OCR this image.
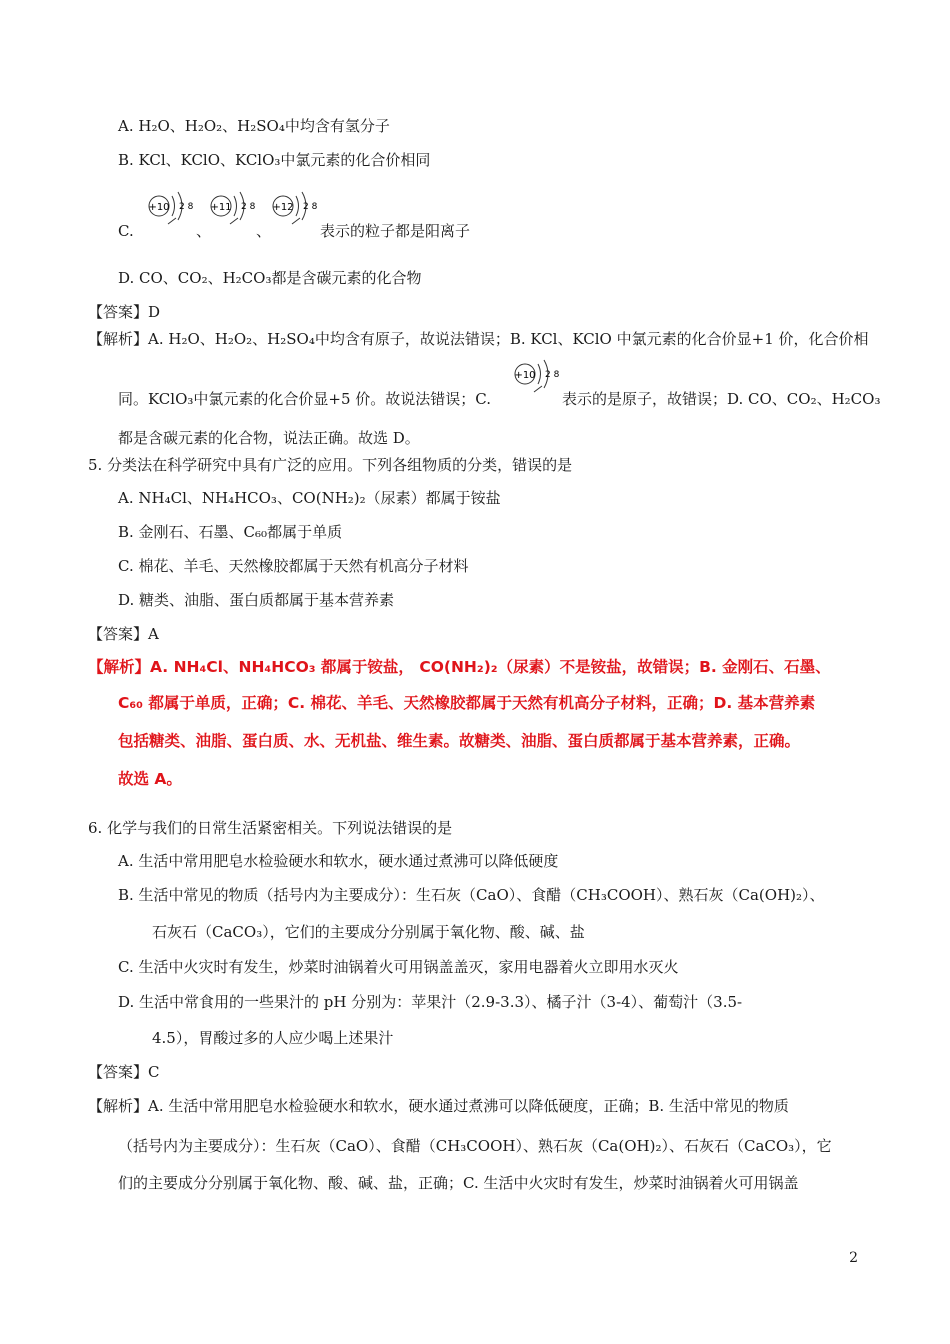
A. H₂O、H₂O₂、H₂SO₄中均含有氢分子
B. KCl、KClO、KClO₃中氯元素的化合价相同
C.
+10 2 8
、
+11 2 8
、
+12 2 8
表示的粒子都是阳离子
D. CO、CO₂、H₂CO₃都是含碳元素的化合物
【答案】D
【解析】A. H₂O、H₂O₂、H₂SO₄中均含有原子，故说法错误；B. KCl、KClO 中氯元素的化合价显+1 价，化合价相
同。KClO₃中氯元素的化合价显+5 价。故说法错误；C.
+10 2 8
表示的是原子，故错误；D. CO、CO₂、H₂CO₃
都是含碳元素的化合物，说法正确。故选 D。
5. 分类法在科学研究中具有广泛的应用。下列各组物质的分类，错误的是
A. NH₄Cl、NH₄HCO₃、CO(NH₂)₂（尿素）都属于铵盐
B. 金刚石、石墨、C₆₀都属于单质
C. 棉花、羊毛、天然橡胶都属于天然有机高分子材料
D. 糖类、油脂、蛋白质都属于基本营养素
【答案】A
【解析】A. NH₄Cl、NH₄HCO₃ 都属于铵盐， CO(NH₂)₂（尿素）不是铵盐，故错误；B. 金刚石、石墨、
C₆₀ 都属于单质，正确；C. 棉花、羊毛、天然橡胶都属于天然有机高分子材料，正确；D. 基本营养素
包括糖类、油脂、蛋白质、水、无机盐、维生素。故糖类、油脂、蛋白质都属于基本营养素，正确。
故选 A。
6. 化学与我们的日常生活紧密相关。下列说法错误的是
A. 生活中常用肥皂水检验硬水和软水，硬水通过煮沸可以降低硬度
B. 生活中常见的物质（括号内为主要成分）：生石灰（CaO）、食醋（CH₃COOH）、熟石灰（Ca(OH)₂）、
石灰石（CaCO₃），它们的主要成分分别属于氧化物、酸、碱、盐
C. 生活中火灾时有发生，炒菜时油锅着火可用锅盖盖灭，家用电器着火立即用水灭火
D. 生活中常食用的一些果汁的 pH 分别为：苹果汁（2.9-3.3）、橘子汁（3-4）、葡萄汁（3.5-
4.5），胃酸过多的人应少喝上述果汁
【答案】C
【解析】A. 生活中常用肥皂水检验硬水和软水，硬水通过煮沸可以降低硬度，正确；B. 生活中常见的物质
（括号内为主要成分）：生石灰（CaO）、食醋（CH₃COOH）、熟石灰（Ca(OH)₂）、石灰石（CaCO₃），它
们的主要成分分别属于氧化物、酸、碱、盐，正确；C. 生活中火灾时有发生，炒菜时油锅着火可用锅盖
2
